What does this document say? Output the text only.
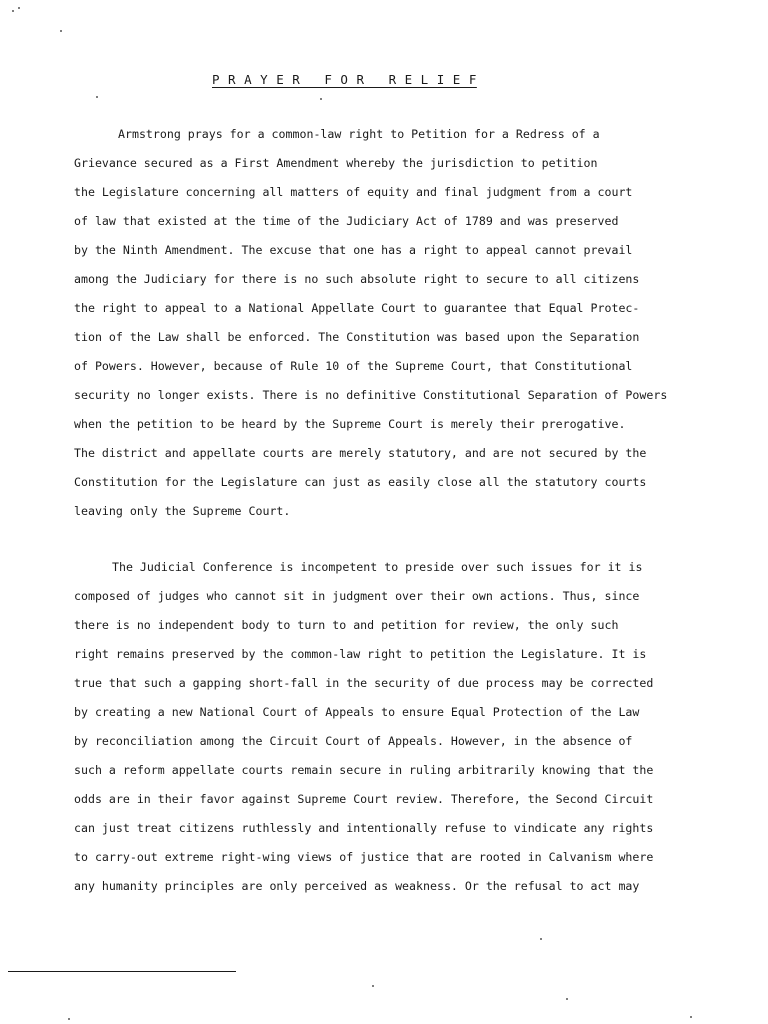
P R A Y E R   F O R   R E L I E F
Armstrong prays for a common-law right to Petition for a Redress of a
Grievance secured as a First Amendment whereby the jurisdiction to petition
the Legislature concerning all matters of equity and final judgment from a court
of law that existed at the time of the Judiciary Act of 1789 and was preserved
by the Ninth Amendment. The excuse that one has a right to appeal cannot prevail
among the Judiciary for there is no such absolute right to secure to all citizens
the right to appeal to a National Appellate Court to guarantee that Equal Protec-
tion of the Law shall be enforced. The Constitution was based upon the Separation
of Powers. However, because of Rule 10 of the Supreme Court, that Constitutional
security no longer exists. There is no definitive Constitutional Separation of Powers
when the petition to be heard by the Supreme Court is merely their prerogative.
The district and appellate courts are merely statutory, and are not secured by the
Constitution for the Legislature can just as easily close all the statutory courts
leaving only the Supreme Court.
The Judicial Conference is incompetent to preside over such issues for it is
composed of judges who cannot sit in judgment over their own actions. Thus, since
there is no independent body to turn to and petition for review, the only such
right remains preserved by the common-law right to petition the Legislature. It is
true that such a gapping short-fall in the security of due process may be corrected
by creating a new National Court of Appeals to ensure Equal Protection of the Law
by reconciliation among the Circuit Court of Appeals. However, in the absence of
such a reform appellate courts remain secure in ruling arbitrarily knowing that the
odds are in their favor against Supreme Court review. Therefore, the Second Circuit
can just treat citizens ruthlessly and intentionally refuse to vindicate any rights
to carry-out extreme right-wing views of justice that are rooted in Calvanism where
any humanity principles are only perceived as weakness. Or the refusal to act may
